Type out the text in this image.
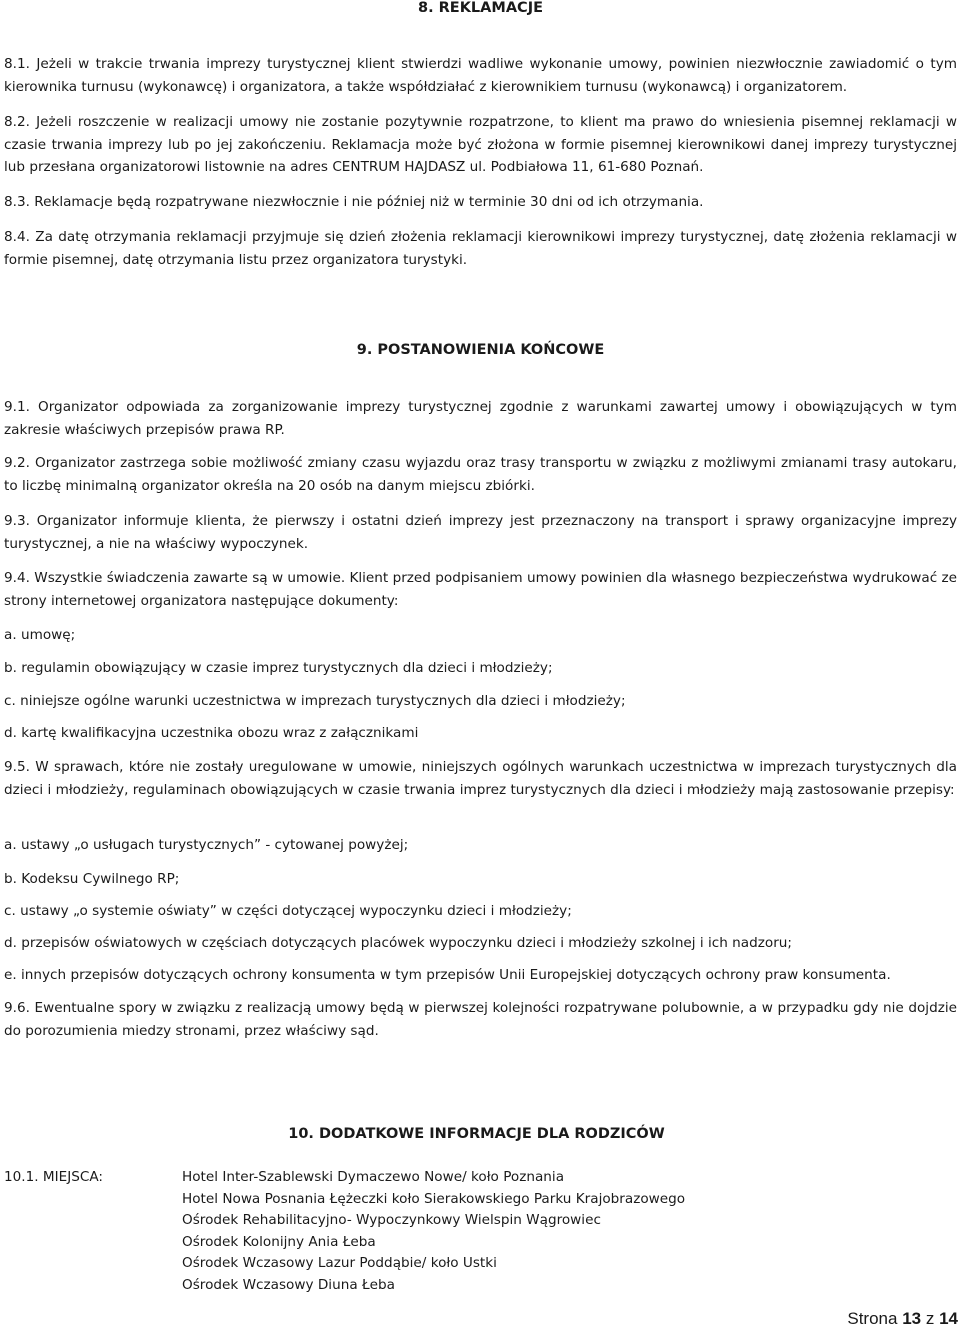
8. REKLAMACJE

8.1. Jeżeli w trakcie trwania imprezy turystycznej klient stwierdzi wadliwe wykonanie umowy, powinien niezwłocznie zawiadomić o tym kierownika turnusu (wykonawcę) i organizatora, a także współdziałać z kierownikiem turnusu (wykonawcą) i organizatorem.

8.2. Jeżeli roszczenie w realizacji umowy nie zostanie pozytywnie rozpatrzone, to klient ma prawo do wniesienia pisemnej reklamacji w czasie trwania imprezy lub po jej zakończeniu. Reklamacja może być złożona w formie pisemnej kierownikowi danej imprezy turystycznej lub przesłana organizatorowi listownie na adres CENTRUM HAJDASZ ul. Podbiałowa 11, 61-680 Poznań.

8.3. Reklamacje będą rozpatrywane niezwłocznie i nie później niż w terminie 30 dni od ich otrzymania.

8.4. Za datę otrzymania reklamacji przyjmuje się dzień złożenia reklamacji kierownikowi imprezy turystycznej, datę złożenia reklamacji w formie pisemnej, datę otrzymania listu przez organizatora turystyki.

9. POSTANOWIENIA KOŃCOWE

9.1. Organizator odpowiada za zorganizowanie imprezy turystycznej zgodnie z warunkami zawartej umowy i obowiązujących w tym zakresie właściwych przepisów prawa RP.

9.2. Organizator zastrzega sobie możliwość zmiany czasu wyjazdu oraz trasy transportu w związku z możliwymi zmianami trasy autokaru, to liczbę minimalną organizator określa na 20 osób na danym miejscu zbiórki.

9.3. Organizator informuje klienta, że pierwszy i ostatni dzień imprezy jest przeznaczony na transport i sprawy organizacyjne imprezy turystycznej, a nie na właściwy wypoczynek.

9.4. Wszystkie świadczenia zawarte są w umowie. Klient przed podpisaniem umowy powinien dla własnego bezpieczeństwa wydrukować ze strony internetowej organizatora następujące dokumenty:

a. umowę;

b. regulamin obowiązujący w czasie imprez turystycznych dla dzieci i młodzieży;

c. niniejsze ogólne warunki uczestnictwa w imprezach turystycznych dla dzieci i młodzieży;

d. kartę kwalifikacyjna uczestnika obozu wraz z załącznikami

9.5. W sprawach, które nie zostały uregulowane w umowie, niniejszych ogólnych warunkach uczestnictwa w imprezach turystycznych dla dzieci i młodzieży, regulaminach obowiązujących w czasie trwania imprez turystycznych dla dzieci i młodzieży mają zastosowanie przepisy:

a. ustawy „o usługach turystycznych” - cytowanej powyżej;

b. Kodeksu Cywilnego RP;

c. ustawy „o systemie oświaty” w części dotyczącej wypoczynku dzieci i młodzieży;

d. przepisów oświatowych w częściach dotyczących placówek wypoczynku dzieci i młodzieży szkolnej i ich nadzoru;

e. innych przepisów dotyczących ochrony konsumenta w tym przepisów Unii Europejskiej dotyczących ochrony praw konsumenta.

9.6. Ewentualne spory w związku z realizacją umowy będą w pierwszej kolejności rozpatrywane polubownie, a w przypadku gdy nie dojdzie do porozumienia miedzy stronami, przez właściwy sąd.

10. DODATKOWE INFORMACJE DLA RODZICÓW

10.1. MIEJSCA:	Hotel Inter-Szablewski Dymaczewo Nowe/ koło Poznania
Hotel Nowa Posnania Łężeczki koło Sierakowskiego Parku Krajobrazowego
Ośrodek Rehabilitacyjno- Wypoczynkowy Wielspin Wągrowiec
Ośrodek Kolonijny Ania Łeba
Ośrodek Wczasowy Lazur Poddąbie/ koło Ustki
Ośrodek Wczasowy Diuna Łeba
Strona 13 z 14
